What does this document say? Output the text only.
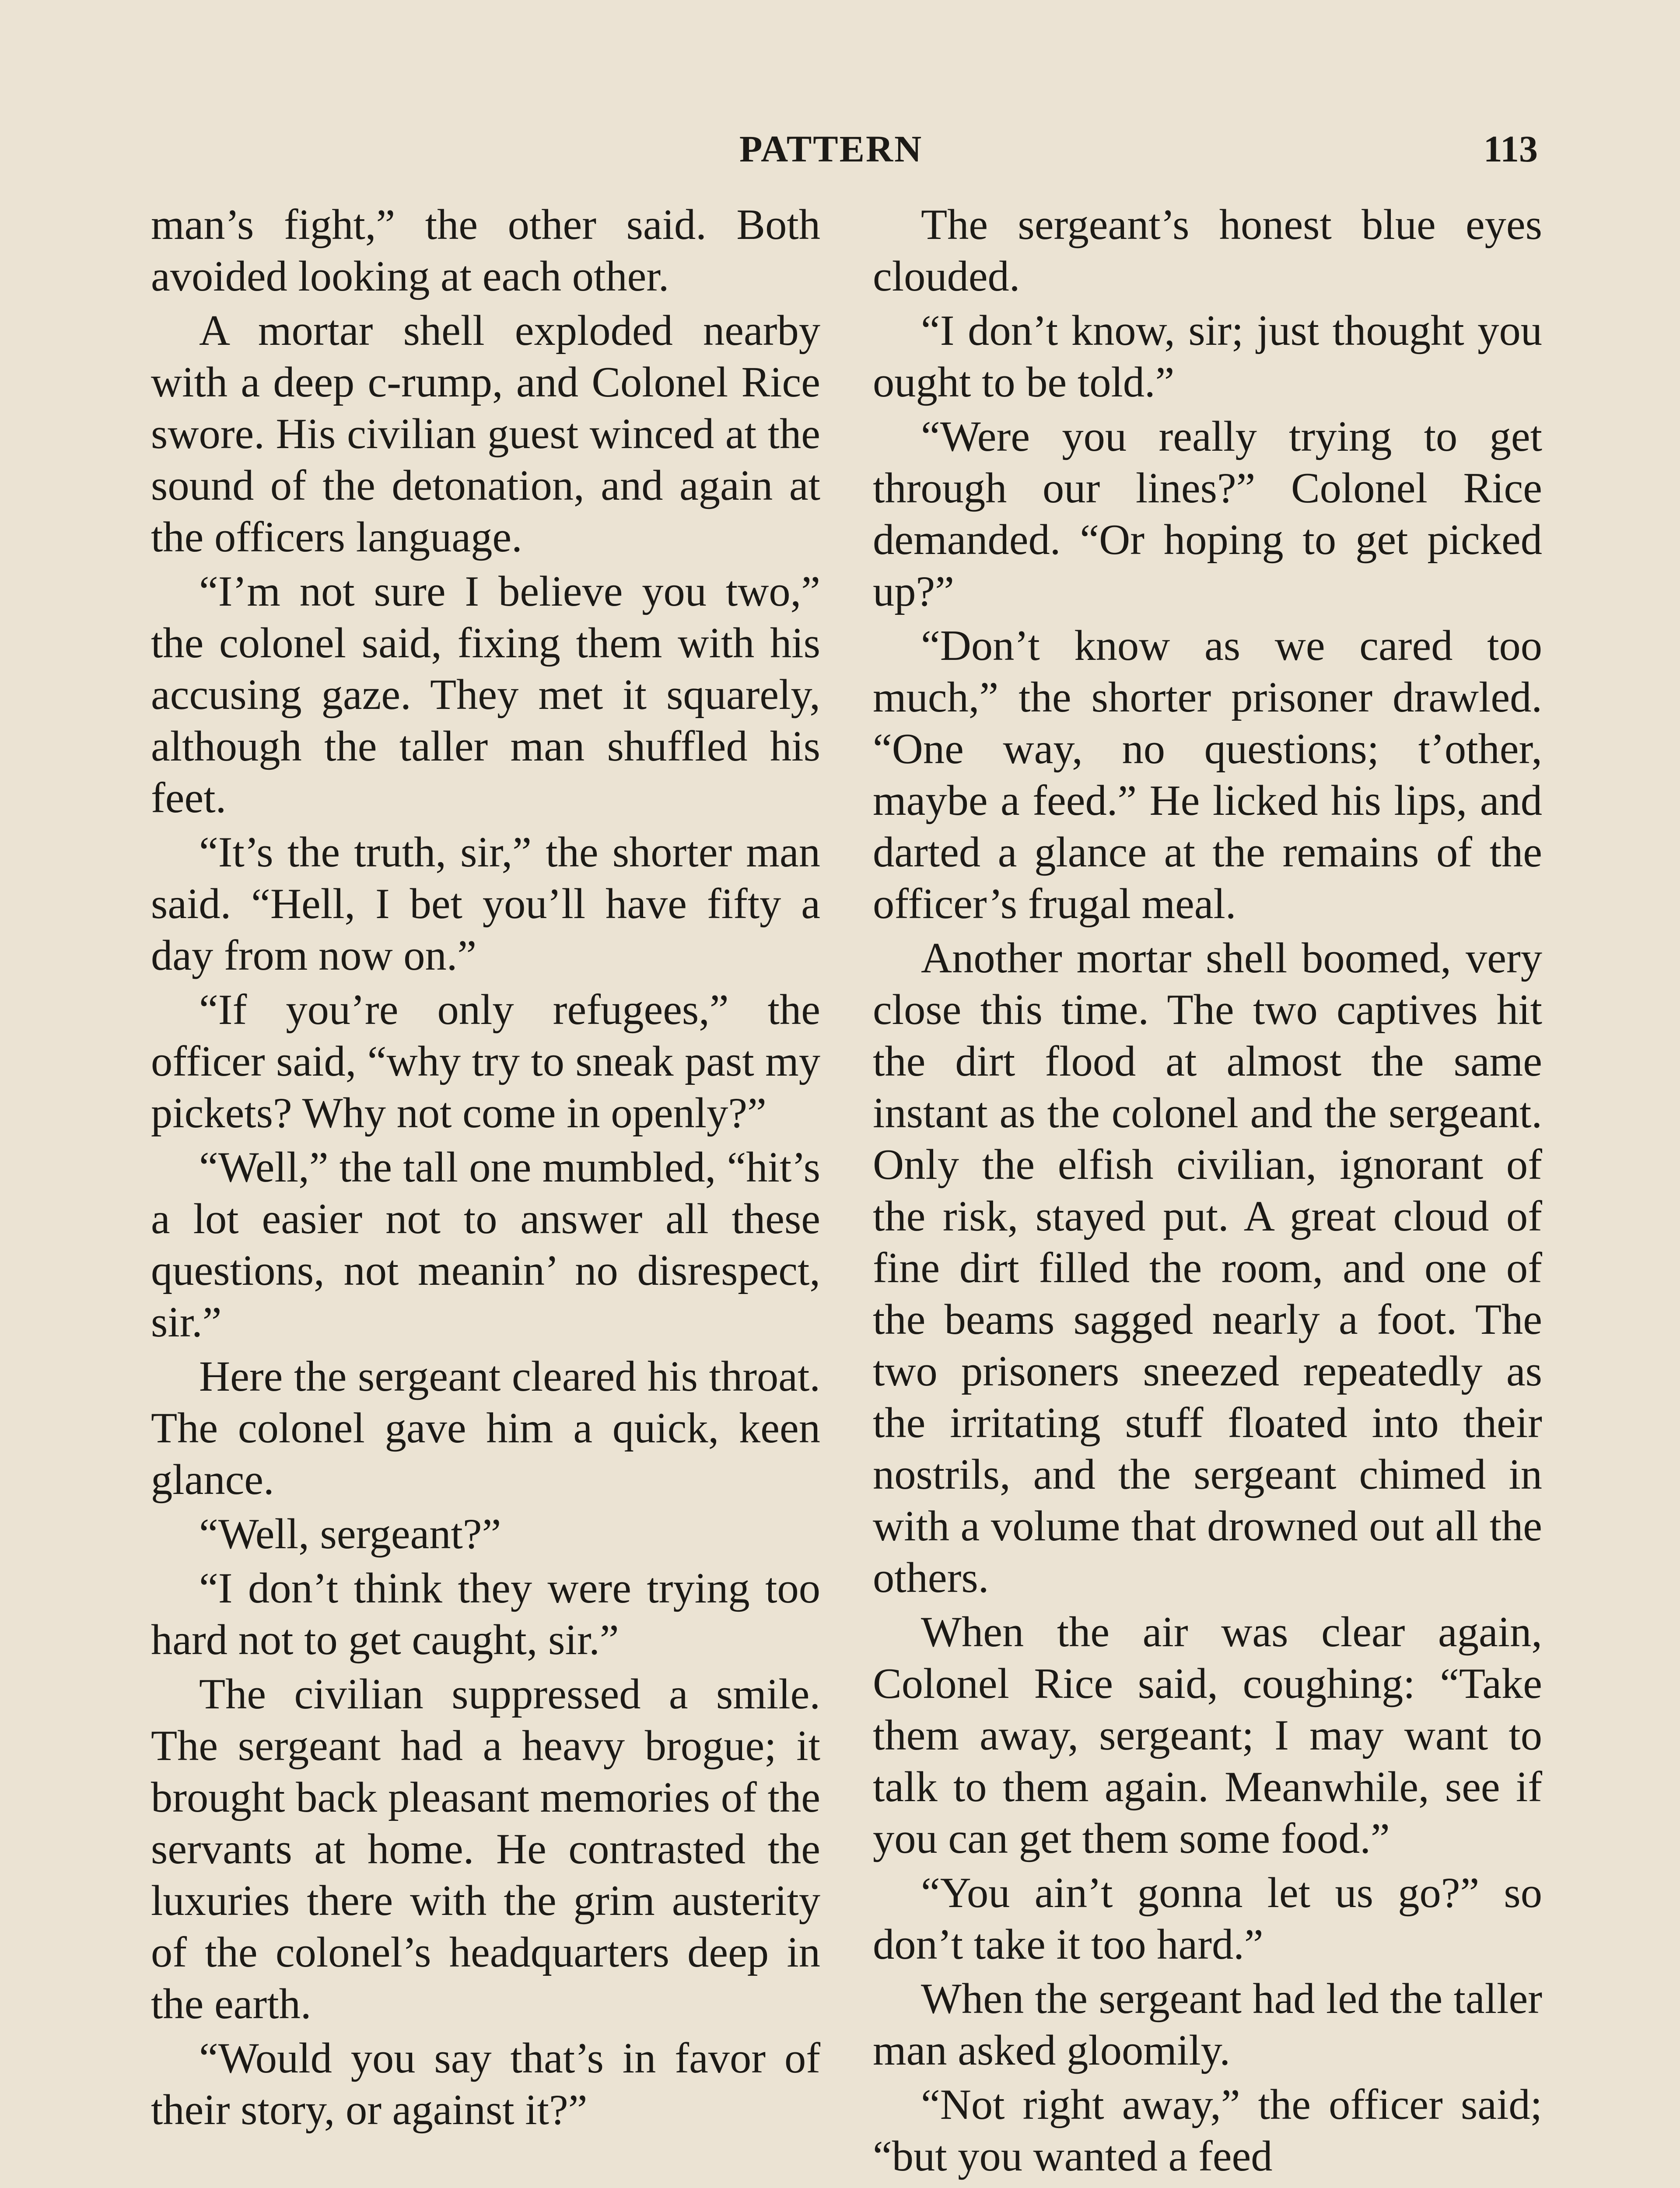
PATTERN	113

man’s fight,” the other said. Both avoided looking at each other.

A mortar shell exploded nearby with a deep c-rump, and Colonel Rice swore. His civilian guest winced at the sound of the detonation, and again at the officers language.

“I’m not sure I believe you two,” the colonel said, fixing them with his accusing gaze. They met it squarely, although the taller man shuffled his feet.

“It’s the truth, sir,” the shorter man said. “Hell, I bet you’ll have fifty a day from now on.”

“If you’re only refugees,” the officer said, “why try to sneak past my pickets? Why not come in openly?”

“Well,” the tall one mumbled, “hit’s a lot easier not to answer all these questions, not meanin’ no disrespect, sir.”

Here the sergeant cleared his throat. The colonel gave him a quick, keen glance.

“Well, sergeant?”

“I don’t think they were trying too hard not to get caught, sir.”

The civilian suppressed a smile. The sergeant had a heavy brogue; it brought back pleasant memories of the servants at home. He contrasted the luxuries there with the grim austerity of the colonel’s headquarters deep in the earth.

“Would you say that’s in favor of their story, or against it?”

The sergeant’s honest blue eyes clouded.

“I don’t know, sir; just thought you ought to be told.”

“Were you really trying to get through our lines?” Colonel Rice demanded. “Or hoping to get picked up?”

“Don’t know as we cared too much,” the shorter prisoner drawled. “One way, no questions; t’other, maybe a feed.” He licked his lips, and darted a glance at the remains of the officer’s frugal meal.

Another mortar shell boomed, very close this time. The two captives hit the dirt flood at almost the same instant as the colonel and the sergeant. Only the elfish civilian, ignorant of the risk, stayed put. A great cloud of fine dirt filled the room, and one of the beams sagged nearly a foot. The two prisoners sneezed repeatedly as the irritating stuff floated into their nostrils, and the sergeant chimed in with a volume that drowned out all the others.

When the air was clear again, Colonel Rice said, coughing: “Take them away, sergeant; I may want to talk to them again. Meanwhile, see if you can get them some food.”

“You ain’t gonna let us go?” so don’t take it too hard.”

When the sergeant had led the taller man asked gloomily.

“Not right away,” the officer said; “but you wanted a feed
